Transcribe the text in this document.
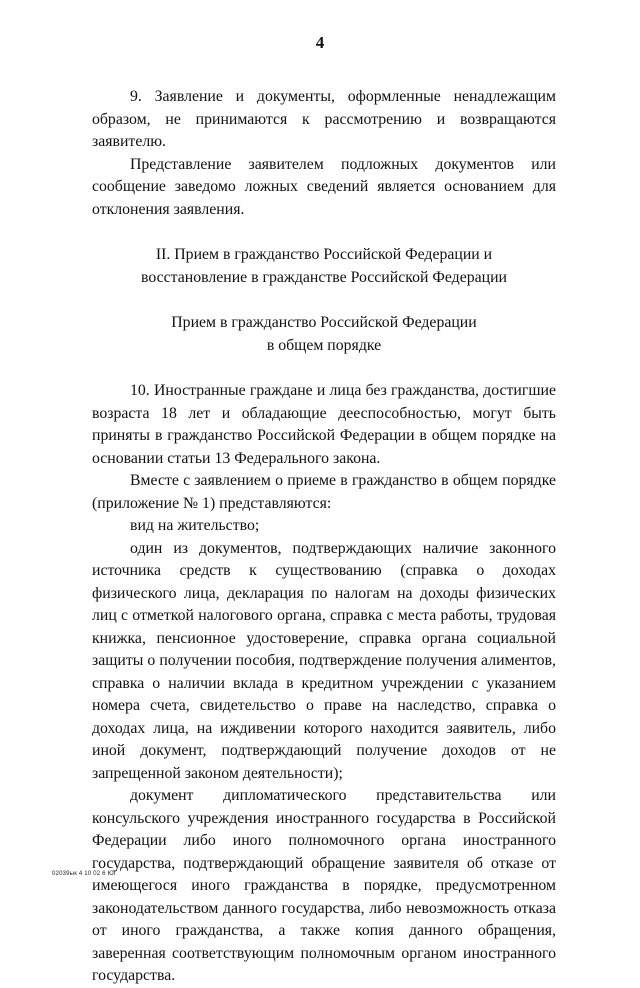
4

9. Заявление и документы, оформленные ненадлежащим образом, не принимаются к рассмотрению и возвращаются заявителю.

Представление заявителем подложных документов или сообщение заведомо ложных сведений является основанием для отклонения заявления.

II. Прием в гражданство Российской Федерации и

восстановление в гражданстве Российской Федерации

Прием в гражданство Российской Федерации

в общем порядке

10. Иностранные граждане и лица без гражданства, достигшие возраста 18 лет и обладающие дееспособностью, могут быть приняты в гражданство Российской Федерации в общем порядке на основании статьи 13 Федерального закона.

Вместе с заявлением о приеме в гражданство в общем порядке (приложение № 1) представляются:

вид на жительство;

один из документов, подтверждающих наличие законного источника средств к существованию (справка о доходах физического лица, декларация по налогам на доходы физических лиц с отметкой налогового органа, справка с места работы, трудовая книжка, пенсионное удостоверение, справка органа социальной защиты о получении пособия, подтверждение получения алиментов, справка о наличии вклада в кредитном учреждении с указанием номера счета, свидетельство о праве на наследство, справка о доходах лица, на иждивении которого находится заявитель, либо иной документ, подтверждающий получение доходов от не запрещенной законом деятельности);

документ дипломатического представительства или консульского учреждения иностранного государства в Российской Федерации либо иного полномочного органа иностранного государства, подтверждающий обращение заявителя об отказе от имеющегося иного гражданства в порядке, предусмотренном законодательством данного государства, либо невозможность отказа от иного гражданства, а также копия данного обращения, заверенная соответствующим полномочным органом иностранного государства.

02039ык 4 10 02 6 ЮГ
